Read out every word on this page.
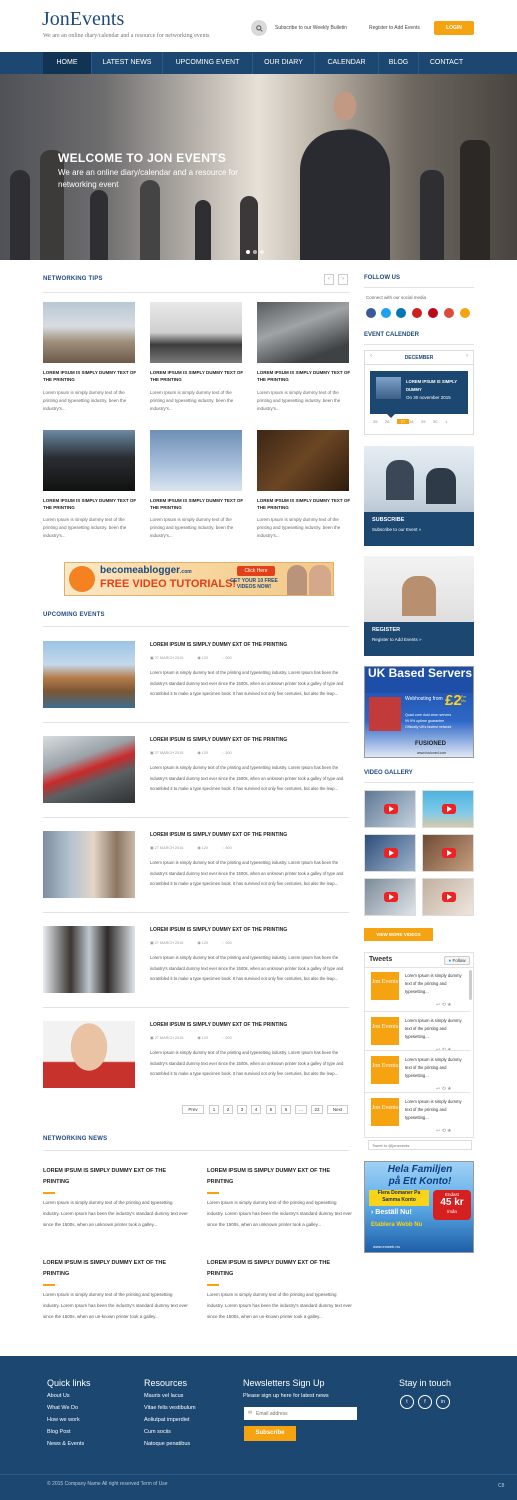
JonEvents
We are an online diary/calendar and a resource for networking events
Subscribe to our Weekly Bulletin	Register to Add Events	LOGIN
HOME	LATEST NEWS	UPCOMING EVENT	OUR DIARY	CALENDAR	BLOG	CONTACT
WELCOME TO JON EVENTS
We are an online diary/calendar and a resource for networking event
NETWORKING TIPS	‹	›
LOREM IPSUM IS SIMPLY DUMMY TEXT OF THE PRINTING
LOREM IPSUM IS SIMPLY DUMMY TEXT OF THE PRINTING
LOREM IPSUM IS SIMPLY DUMMY TEXT OF THE PRINTING
Lorem Ipsum is simply dummy text of the printing and typesetting industry. been the industry's...
Lorem Ipsum is simply dummy text of the printing and typesetting industry. been the industry's...
Lorem Ipsum is simply dummy text of the printing and typesetting industry. been the industry's...
LOREM IPSUM IS SIMPLY DUMMY TEXT OF THE PRINTING
LOREM IPSUM IS SIMPLY DUMMY TEXT OF THE PRINTING
LOREM IPSUM IS SIMPLY DUMMY TEXT OF THE PRINTING
Lorem Ipsum is simply dummy text of the printing and typesetting industry. been the industry's...
Lorem Ipsum is simply dummy text of the printing and typesetting industry. been the industry's...
Lorem Ipsum is simply dummy text of the printing and typesetting industry. been the industry's...
becomeablogger.com
FREE VIDEO TUTORIALS!
Click Here
GET YOUR 10 FREE VIDEOS NOW!
UPCOMING EVENTS
LOREM IPSUM IS SIMPLY DUMMY EXT OF THE PRINTING
▣ 27 MARCH 2015	◉ 120	◌ 300
Lorem Ipsum is simply dummy text of the printing and typesetting industry. Lorem Ipsum has been the industry's standard dummy text ever since the 1500s, when an unknown printer took a galley of type and scrambled it to make a type specimen book. It has survived not only five centuries, but also the leap...
LOREM IPSUM IS SIMPLY DUMMY EXT OF THE PRINTING
▣ 27 MARCH 2015	◉ 120	◌ 300
Lorem Ipsum is simply dummy text of the printing and typesetting industry. Lorem Ipsum has been the industry's standard dummy text ever since the 1500s, when an unknown printer took a galley of type and scrambled it to make a type specimen book. It has survived not only five centuries, but also the leap...
LOREM IPSUM IS SIMPLY DUMMY EXT OF THE PRINTING
▣ 27 MARCH 2015	◉ 120	◌ 300
Lorem Ipsum is simply dummy text of the printing and typesetting industry. Lorem Ipsum has been the industry's standard dummy text ever since the 1500s, when an unknown printer took a galley of type and scrambled it to make a type specimen book. It has survived not only five centuries, but also the leap...
LOREM IPSUM IS SIMPLY DUMMY EXT OF THE PRINTING
▣ 27 MARCH 2015	◉ 120	◌ 300
Lorem Ipsum is simply dummy text of the printing and typesetting industry. Lorem Ipsum has been the industry's standard dummy text ever since the 1500s, when an unknown printer took a galley of type and scrambled it to make a type specimen book. It has survived not only five centuries, but also the leap...
LOREM IPSUM IS SIMPLY DUMMY EXT OF THE PRINTING
▣ 27 MARCH 2015	◉ 120	◌ 300
Lorem Ipsum is simply dummy text of the printing and typesetting industry. Lorem Ipsum has been the industry's standard dummy text ever since the 1500s, when an unknown printer took a galley of type and scrambled it to make a type specimen book. It has survived not only five centuries, but also the leap...
Prev	1	2	3	4	5	6	...	22	Next
NETWORKING NEWS
LOREM IPSUM IS SIMPLY DUMMY EXT OF THE PRINTING
Lorem Ipsum is simply dummy text of the printing and typesetting industry. Lorem Ipsum has been the industry's standard dummy text ever since the 1500s, when an unknown printer took a galley...
LOREM IPSUM IS SIMPLY DUMMY EXT OF THE PRINTING
Lorem Ipsum is simply dummy text of the printing and typesetting industry. Lorem Ipsum has been the industry's standard dummy text ever since the 1500s, when an unknown printer took a galley...
LOREM IPSUM IS SIMPLY DUMMY EXT OF THE PRINTING
Lorem Ipsum is simply dummy text of the printing and typesetting industry. Lorem Ipsum has been the industry's standard dummy text ever since the 1500s, when an un-known printer took a galley...
LOREM IPSUM IS SIMPLY DUMMY EXT OF THE PRINTING
Lorem Ipsum is simply dummy text of the printing and typesetting industry. Lorem Ipsum has been the industry's standard dummy text ever since the 1500s, when an un-known printer took a galley...
FOLLOW US
Connect with our social media
EVENT CALENDER
‹	›
DECEMBER
LOREM IPSUM IS SIMPLY DUMMY
On 30 november 2015
25 26	27 28 29 30 1
SUBSCRIBE
Subscribe to our Event »
REGISTER
Register to Add Events »
UK Based Servers
Webhosting from £2 Per Mo.
Quad core dual xeon servers
99.9% uptime guarantee
Officially UKs fastest network
FUSIONED
www.fusioned.com
VIDEO GALLERY
VIEW MORE VIDEOS
Tweets	● Follow
Jon Events
Lorem Ipsum is simply dummy text of the printing and typesetting...
↩ ⟲ ★
Jon Events
Lorem Ipsum is simply dummy text of the printing and typesetting...
Jon Events
Lorem Ipsum is simply dummy text of the printing and typesetting...
↩ ⟲ ★
Jon Events
Lorem Ipsum is simply dummy text of the printing and typesetting...
↩ ⟲ ★
Tweet to @jonevents
Hela Familjen
på Ett Konto!
Flera Domaner Pa Samma Konto
Endast
45 kr
/mån
› Beställ Nu!
Etablera Webb Nu
www.enweb.nu
Quick links
About Us
What We Do
How we work
Blog Post
News & Events
Resources
Mauris vel lacus
Vitae felis vestibulum
Aoliutpat imperdiet
Cum sociis
Natoque penatibus
Newsletters Sign Up
Please sign up here for latest news
✉
Email address
Subscribe
Stay in touch
t	f	in
© 2015 Company Name All right reserved Term of Use	C8
